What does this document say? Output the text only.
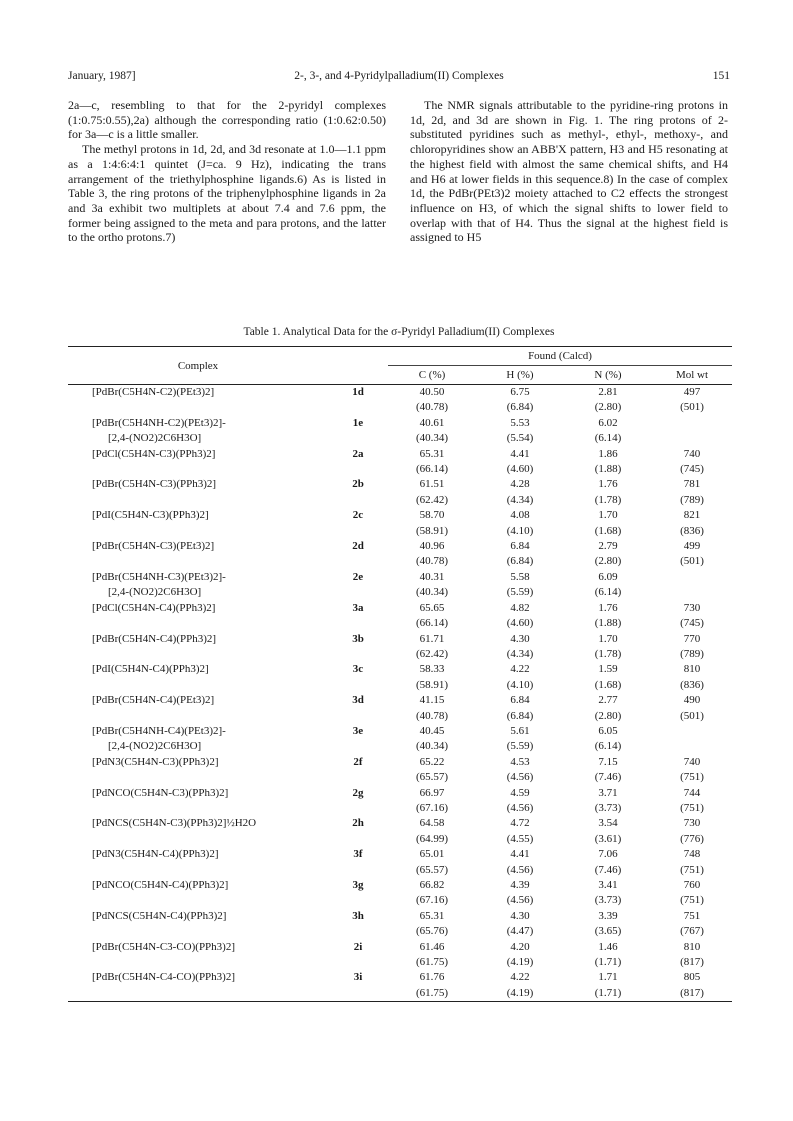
January, 1987]	2-, 3-, and 4-Pyridylpalladium(II) Complexes	151

2a—c, resembling to that for the 2-pyridyl complexes (1:0.75:0.55),2a) although the corresponding ratio (1:0.62:0.50) for 3a—c is a little smaller.

The methyl protons in 1d, 2d, and 3d resonate at 1.0—1.1 ppm as a 1:4:6:4:1 quintet (J=ca. 9 Hz), indicating the trans arrangement of the triethylphosphine ligands.6) As is listed in Table 3, the ring protons of the triphenylphosphine ligands in 2a and 3a exhibit two multiplets at about 7.4 and 7.6 ppm, the former being assigned to the meta and para protons, and the latter to the ortho protons.7)

The NMR signals attributable to the pyridine-ring protons in 1d, 2d, and 3d are shown in Fig. 1. The ring protons of 2-substituted pyridines such as methyl-, ethyl-, methoxy-, and chloropyridines show an ABB'X pattern, H3 and H5 resonating at the highest field with almost the same chemical shifts, and H4 and H6 at lower fields in this sequence.8) In the case of complex 1d, the PdBr(PEt3)2 moiety attached to C2 effects the strongest influence on H3, of which the signal shifts to lower field to overlap with that of H4. Thus the signal at the highest field is assigned to H5

Table 1. Analytical Data for the σ-Pyridyl Palladium(II) Complexes
Complex		Found (Calcd)			
		C (%)	H (%)	N (%)	Mol wt
[PdBr(C5H4N-C2)(PEt3)2]	1d	40.50	6.75	2.81	497
		(40.78)	(6.84)	(2.80)	(501)
[PdBr(C5H4NH-C2)(PEt3)2]-	1e	40.61	5.53	6.02	
[2,4-(NO2)2C6H3O]		(40.34)	(5.54)	(6.14)	
[PdCl(C5H4N-C3)(PPh3)2]	2a	65.31	4.41	1.86	740
		(66.14)	(4.60)	(1.88)	(745)
[PdBr(C5H4N-C3)(PPh3)2]	2b	61.51	4.28	1.76	781
		(62.42)	(4.34)	(1.78)	(789)
[PdI(C5H4N-C3)(PPh3)2]	2c	58.70	4.08	1.70	821
		(58.91)	(4.10)	(1.68)	(836)
[PdBr(C5H4N-C3)(PEt3)2]	2d	40.96	6.84	2.79	499
		(40.78)	(6.84)	(2.80)	(501)
[PdBr(C5H4NH-C3)(PEt3)2]-	2e	40.31	5.58	6.09	
[2,4-(NO2)2C6H3O]		(40.34)	(5.59)	(6.14)	
[PdCl(C5H4N-C4)(PPh3)2]	3a	65.65	4.82	1.76	730
		(66.14)	(4.60)	(1.88)	(745)
[PdBr(C5H4N-C4)(PPh3)2]	3b	61.71	4.30	1.70	770
		(62.42)	(4.34)	(1.78)	(789)
[PdI(C5H4N-C4)(PPh3)2]	3c	58.33	4.22	1.59	810
		(58.91)	(4.10)	(1.68)	(836)
[PdBr(C5H4N-C4)(PEt3)2]	3d	41.15	6.84	2.77	490
		(40.78)	(6.84)	(2.80)	(501)
[PdBr(C5H4NH-C4)(PEt3)2]-	3e	40.45	5.61	6.05	
[2,4-(NO2)2C6H3O]		(40.34)	(5.59)	(6.14)	
[PdN3(C5H4N-C3)(PPh3)2]	2f	65.22	4.53	7.15	740
		(65.57)	(4.56)	(7.46)	(751)
[PdNCO(C5H4N-C3)(PPh3)2]	2g	66.97	4.59	3.71	744
		(67.16)	(4.56)	(3.73)	(751)
[PdNCS(C5H4N-C3)(PPh3)2]½H2O	2h	64.58	4.72	3.54	730
		(64.99)	(4.55)	(3.61)	(776)
[PdN3(C5H4N-C4)(PPh3)2]	3f	65.01	4.41	7.06	748
		(65.57)	(4.56)	(7.46)	(751)
[PdNCO(C5H4N-C4)(PPh3)2]	3g	66.82	4.39	3.41	760
		(67.16)	(4.56)	(3.73)	(751)
[PdNCS(C5H4N-C4)(PPh3)2]	3h	65.31	4.30	3.39	751
		(65.76)	(4.47)	(3.65)	(767)
[PdBr(C5H4N-C3-CO)(PPh3)2]	2i	61.46	4.20	1.46	810
		(61.75)	(4.19)	(1.71)	(817)
[PdBr(C5H4N-C4-CO)(PPh3)2]	3i	61.76	4.22	1.71	805
		(61.75)	(4.19)	(1.71)	(817)
